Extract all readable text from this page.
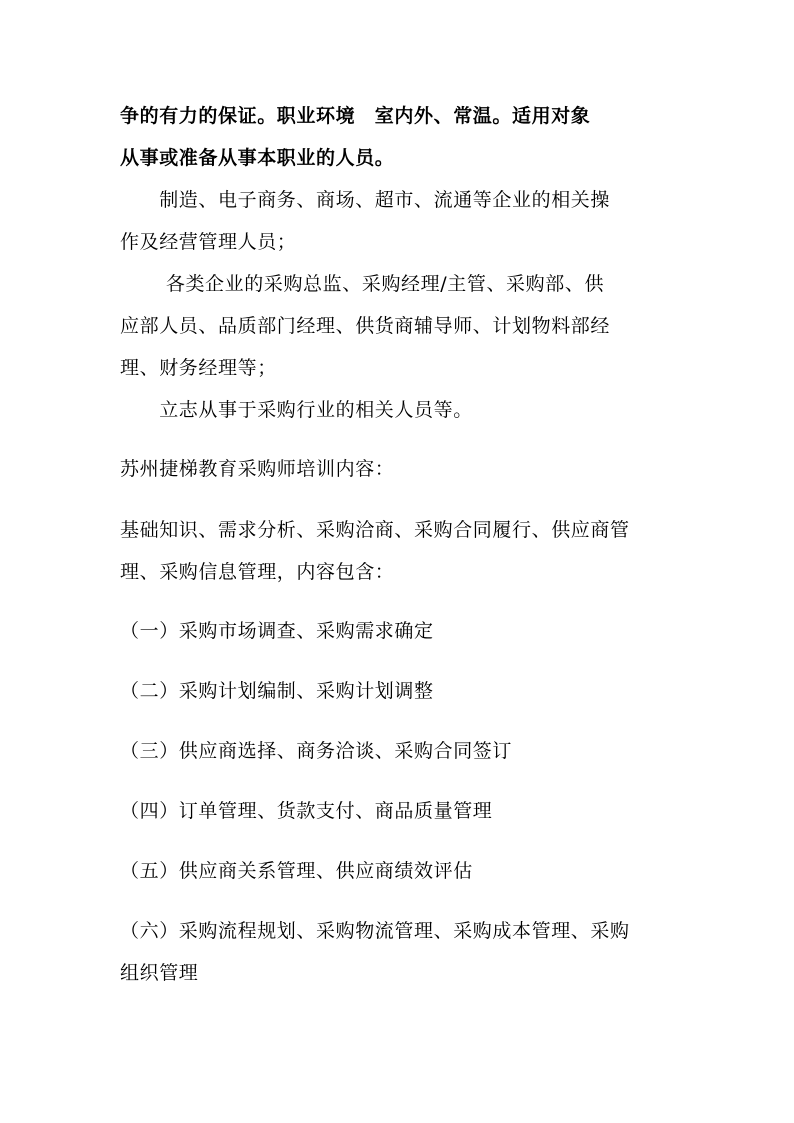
争的有力的保证。职业环境　室内外、常温。适用对象
从事或准备从事本职业的人员。
　　制造、电子商务、商场、超市、流通等企业的相关操
作及经营管理人员；
　　 各类企业的采购总监、采购经理/主管、采购部、供
应部人员、品质部门经理、供货商辅导师、计划物料部经
理、财务经理等；
　　立志从事于采购行业的相关人员等。
苏州捷梯教育采购师培训内容：
基础知识、需求分析、采购洽商、采购合同履行、供应商管
理、采购信息管理，内容包含：
（一）采购市场调查、采购需求确定
（二）采购计划编制、采购计划调整
（三）供应商选择、商务洽谈、采购合同签订
（四）订单管理、货款支付、商品质量管理
（五）供应商关系管理、供应商绩效评估
（六）采购流程规划、采购物流管理、采购成本管理、采购
组织管理
